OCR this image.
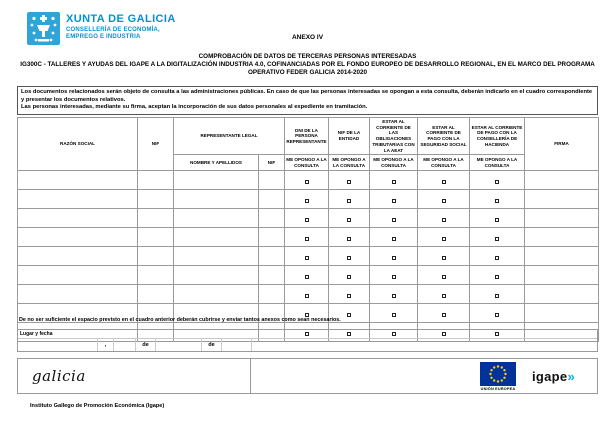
XUNTA DE GALICIA
CONSELLERÍA DE ECONOMÍA, EMPREGO E INDUSTRIA	ANEXO IV
COMPROBACIÓN DE DATOS DE TERCERAS PERSONAS INTERESADAS
IG300C - TALLERES Y AYUDAS DEL IGAPE A LA DIGITALIZACIÓN INDUSTRIA 4.0, COFINANCIADAS POR EL FONDO EUROPEO DE DESARROLLO REGIONAL, EN EL MARCO DEL PROGRAMA OPERATIVO FEDER GALICIA 2014-2020
Los documentos relacionados serán objeto de consulta a las administraciones públicas. En caso de que las personas interesadas se opongan a esta consulta, deberán indicarlo en el cuadro correspondiente y presentar los documentos relativos.
Las personas interesadas, mediante su firma, aceptan la incorporación de sus datos personales al expediente en tramitación.
RAZÓN SOCIAL	NIF	REPRESENTANTE LEGAL		DNI DE LA PERSONA REPRESENTANTE	NIF DE LA ENTIDAD	ESTAR AL CORRIENTE DE LAS OBLIGACIONES TRIBUTARIAS CON LA AEAT	ESTAR AL CORRIENTE DE PAGO CON LA SEGURIDAD SOCIAL	ESTAR AL CORRIENTE DE PAGO CON LA CONSELLERÍA DE HACIENDA	FIRMA
		NOMBRE Y APELLIDOS	NIF	ME OPONGO A LA CONSULTA	ME OPONGO A LA CONSULTA	ME OPONGO A LA CONSULTA	ME OPONGO A LA CONSULTA	ME OPONGO A LA CONSULTA	

De no ser suficiente el espacio previsto en el cuadro anterior deberán cubrirse y enviar tantos anexos como sean necesarios.
Lugar y fecha
,	de	de
galicia
UNIÓN EUROPEA
igape»
Instituto Gallego de Promoción Económica (Igape)
